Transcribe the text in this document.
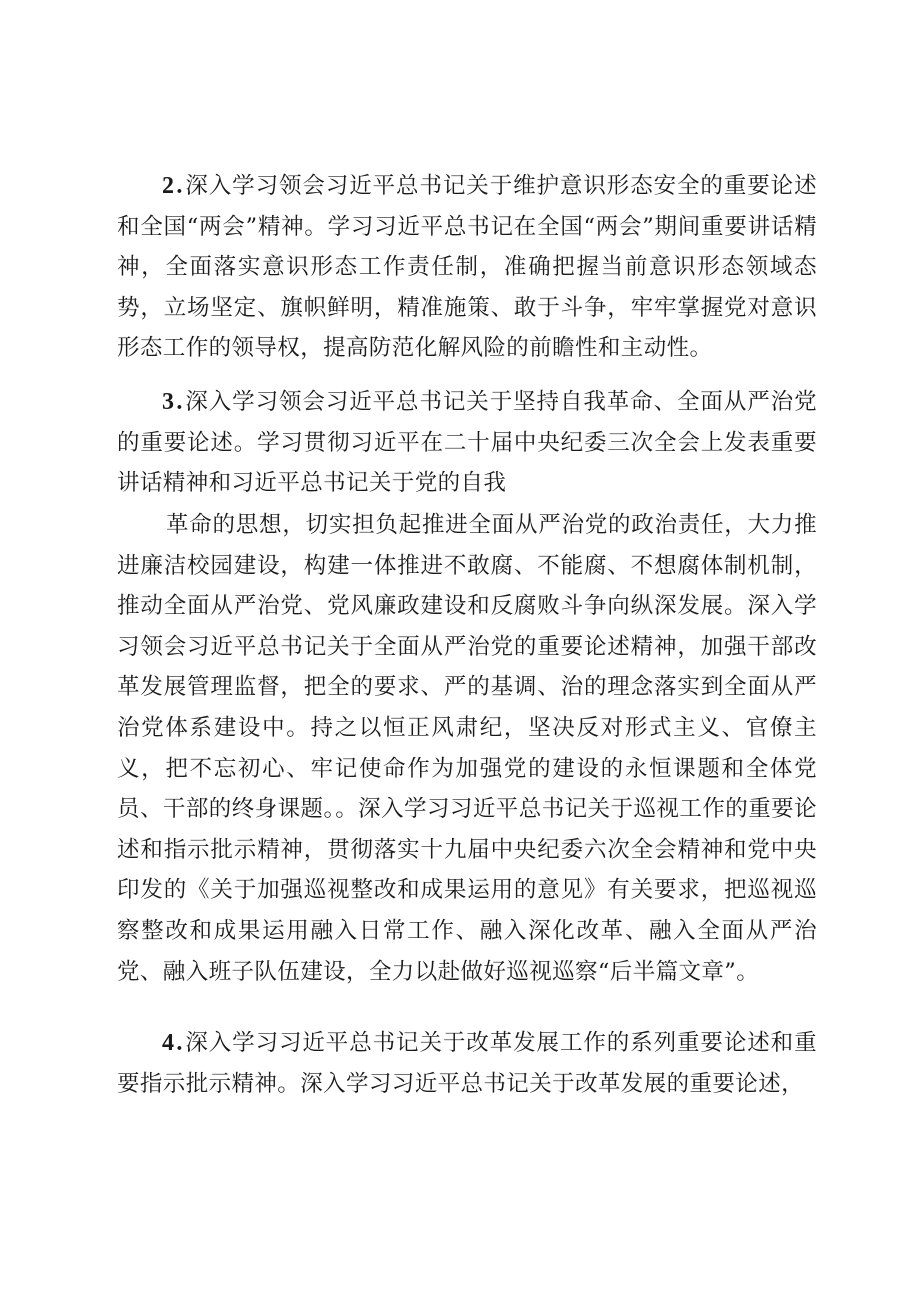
2.深入学习领会习近平总书记关于维护意识形态安全的重要论述和全国“两会”精神。学习习近平总书记在全国“两会”期间重要讲话精神，全面落实意识形态工作责任制，准确把握当前意识形态领域态势，立场坚定、旗帜鲜明，精准施策、敢于斗争，牢牢掌握党对意识形态工作的领导权，提高防范化解风险的前瞻性和主动性。

3.深入学习领会习近平总书记关于坚持自我革命、全面从严治党的重要论述。学习贯彻习近平在二十届中央纪委三次全会上发表重要讲话精神和习近平总书记关于党的自我

革命的思想，切实担负起推进全面从严治党的政治责任，大力推进廉洁校园建设，构建一体推进不敢腐、不能腐、不想腐体制机制，推动全面从严治党、党风廉政建设和反腐败斗争向纵深发展。深入学习领会习近平总书记关于全面从严治党的重要论述精神，加强干部改革发展管理监督，把全的要求、严的基调、治的理念落实到全面从严治党体系建设中。持之以恒正风肃纪，坚决反对形式主义、官僚主义，把不忘初心、牢记使命作为加强党的建设的永恒课题和全体党员、干部的终身课题。。深入学习习近平总书记关于巡视工作的重要论述和指示批示精神，贯彻落实十九届中央纪委六次全会精神和党中央印发的《关于加强巡视整改和成果运用的意见》有关要求，把巡视巡察整改和成果运用融入日常工作、融入深化改革、融入全面从严治党、融入班子队伍建设，全力以赴做好巡视巡察“后半篇文章”。

4.深入学习习近平总书记关于改革发展工作的系列重要论述和重要指示批示精神。深入学习习近平总书记关于改革发展的重要论述，
